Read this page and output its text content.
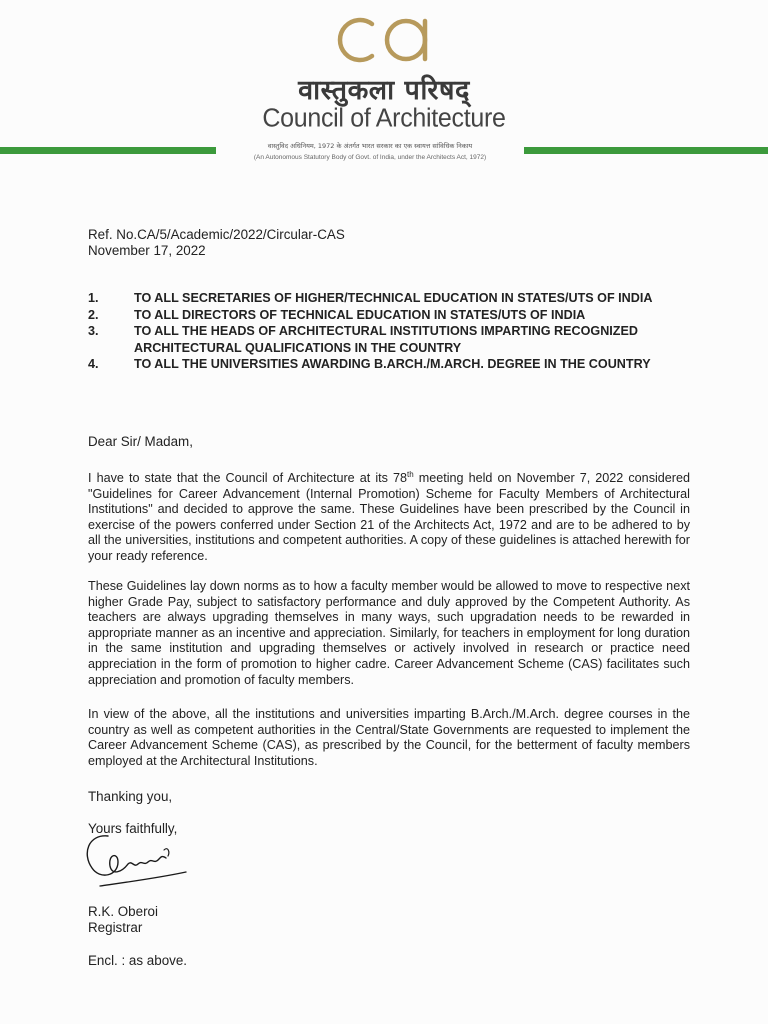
वास्तुकला परिषद्
Council of Architecture
वास्तुविद अधिनियम, 1972 के अंतर्गत भारत सरकार का एक स्वायत्त सांविधिक निकाय
(An Autonomous Statutory Body of Govt. of India, under the Architects Act, 1972)
Ref. No.CA/5/Academic/2022/Circular-CAS
November 17, 2022
1.	TO ALL SECRETARIES OF HIGHER/TECHNICAL EDUCATION IN STATES/UTS OF INDIA
2.	TO ALL DIRECTORS OF TECHNICAL EDUCATION IN STATES/UTS OF INDIA
3.	TO ALL THE HEADS OF ARCHITECTURAL INSTITUTIONS IMPARTING RECOGNIZED ARCHITECTURAL QUALIFICATIONS IN THE COUNTRY
4.	TO ALL THE UNIVERSITIES AWARDING B.ARCH./M.ARCH. DEGREE IN THE COUNTRY
Dear Sir/ Madam,

I have to state that the Council of Architecture at its 78th meeting held on November 7, 2022 considered "Guidelines for Career Advancement (Internal Promotion) Scheme for Faculty Members of Architectural Institutions" and decided to approve the same. These Guidelines have been prescribed by the Council in exercise of the powers conferred under Section 21 of the Architects Act, 1972 and are to be adhered to by all the universities, institutions and competent authorities. A copy of these guidelines is attached herewith for your ready reference.

These Guidelines lay down norms as to how a faculty member would be allowed to move to respective next higher Grade Pay, subject to satisfactory performance and duly approved by the Competent Authority. As teachers are always upgrading themselves in many ways, such upgradation needs to be rewarded in appropriate manner as an incentive and appreciation. Similarly, for teachers in employment for long duration in the same institution and upgrading themselves or actively involved in research or practice need appreciation in the form of promotion to higher cadre. Career Advancement Scheme (CAS) facilitates such appreciation and promotion of faculty members.

In view of the above, all the institutions and universities imparting B.Arch./M.Arch. degree courses in the country as well as competent authorities in the Central/State Governments are requested to implement the Career Advancement Scheme (CAS), as prescribed by the Council, for the betterment of faculty members employed at the Architectural Institutions.

Thanking you,
Yours faithfully,
R.K. Oberoi
Registrar
Encl. : as above.
